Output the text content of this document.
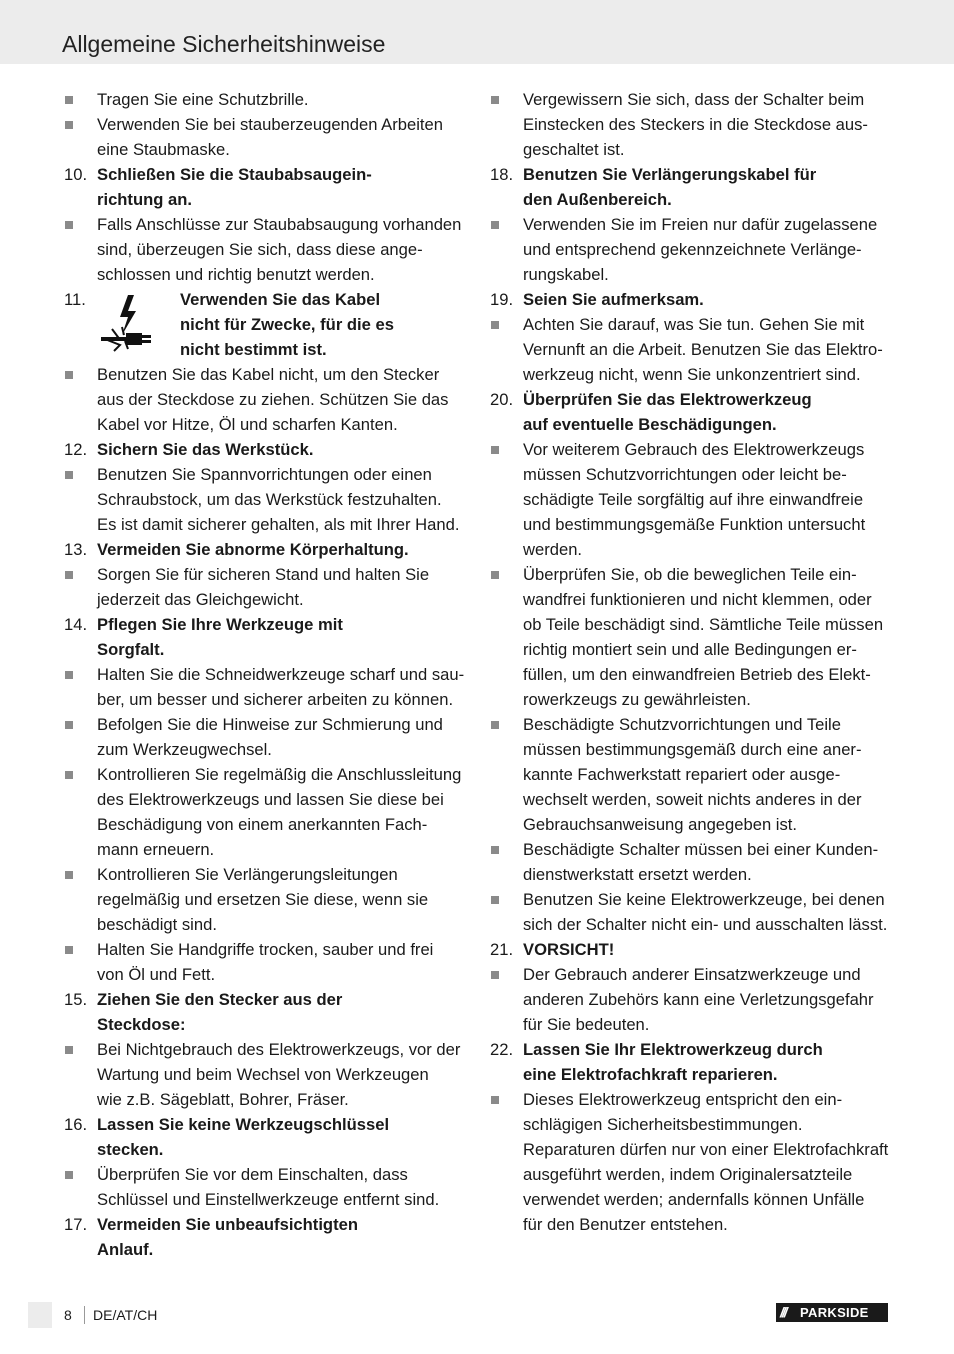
Allgemeine Sicherheitshinweise
Tragen Sie eine Schutzbrille.
Verwenden Sie bei stauberzeugenden Arbeiten
eine Staubmaske.
10. Schließen Sie die Staubabsaugein-
richtung an.
Falls Anschlüsse zur Staubabsaugung vorhanden
sind, überzeugen Sie sich, dass diese ange-
schlossen und richtig benutzt werden.
11.	Verwenden Sie das Kabel
nicht für Zwecke, für die es
nicht bestimmt ist.
Benutzen Sie das Kabel nicht, um den Stecker
aus der Steckdose zu ziehen. Schützen Sie das
Kabel vor Hitze, Öl und scharfen Kanten.
12. Sichern Sie das Werkstück.
Benutzen Sie Spannvorrichtungen oder einen
Schraubstock, um das Werkstück festzuhalten.
Es ist damit sicherer gehalten, als mit Ihrer Hand.
13. Vermeiden Sie abnorme Körperhaltung.
Sorgen Sie für sicheren Stand und halten Sie
jederzeit das Gleichgewicht.
14. Pflegen Sie Ihre Werkzeuge mit
Sorgfalt.
Halten Sie die Schneidwerkzeuge scharf und sau-
ber, um besser und sicherer arbeiten zu können.
Befolgen Sie die Hinweise zur Schmierung und
zum Werkzeugwechsel.
Kontrollieren Sie regelmäßig die Anschlussleitung
des Elektrowerkzeugs und lassen Sie diese bei
Beschädigung von einem anerkannten Fach-
mann erneuern.
Kontrollieren Sie Verlängerungsleitungen
regelmäßig und ersetzen Sie diese, wenn sie
beschädigt sind.
Halten Sie Handgriffe trocken, sauber und frei
von Öl und Fett.
15. Ziehen Sie den Stecker aus der
Steckdose:
Bei Nichtgebrauch des Elektrowerkzeugs, vor der
Wartung und beim Wechsel von Werkzeugen
wie z.B. Sägeblatt, Bohrer, Fräser.
16. Lassen Sie keine Werkzeugschlüssel
stecken.
Überprüfen Sie vor dem Einschalten, dass
Schlüssel und Einstellwerkzeuge entfernt sind.
17. Vermeiden Sie unbeaufsichtigten
Anlauf.
Vergewissern Sie sich, dass der Schalter beim
Einstecken des Steckers in die Steckdose aus-
geschaltet ist.
18. Benutzen Sie Verlängerungskabel für
den Außenbereich.
Verwenden Sie im Freien nur dafür zugelassene
und entsprechend gekennzeichnete Verlänge-
rungskabel.
19. Seien Sie aufmerksam.
Achten Sie darauf, was Sie tun. Gehen Sie mit
Vernunft an die Arbeit. Benutzen Sie das Elektro-
werkzeug nicht, wenn Sie unkonzentriert sind.
20. Überprüfen Sie das Elektrowerkzeug
auf eventuelle Beschädigungen.
Vor weiterem Gebrauch des Elektrowerkzeugs
müssen Schutzvorrichtungen oder leicht be-
schädigte Teile sorgfältig auf ihre einwandfreie
und bestimmungsgemäße Funktion untersucht
werden.
Überprüfen Sie, ob die beweglichen Teile ein-
wandfrei funktionieren und nicht klemmen, oder
ob Teile beschädigt sind. Sämtliche Teile müssen
richtig montiert sein und alle Bedingungen er-
füllen, um den einwandfreien Betrieb des Elekt-
rowerkzeugs zu gewährleisten.
Beschädigte Schutzvorrichtungen und Teile
müssen bestimmungsgemäß durch eine aner-
kannte Fachwerkstatt repariert oder ausge-
wechselt werden, soweit nichts anderes in der
Gebrauchsanweisung angegeben ist.
Beschädigte Schalter müssen bei einer Kunden-
dienstwerkstatt ersetzt werden.
Benutzen Sie keine Elektrowerkzeuge, bei denen
sich der Schalter nicht ein- und ausschalten lässt.
21. VORSICHT!
Der Gebrauch anderer Einsatzwerkzeuge und
anderen Zubehörs kann eine Verletzungsgefahr
für Sie bedeuten.
22. Lassen Sie Ihr Elektrowerkzeug durch
eine Elektrofachkraft reparieren.
Dieses Elektrowerkzeug entspricht den ein-
schlägigen Sicherheitsbestimmungen.
Reparaturen dürfen nur von einer Elektrofachkraft
ausgeführt werden, indem Originalersatzteile
verwendet werden; andernfalls können Unfälle
für den Benutzer entstehen.
8 DE/AT/CH	/// PARKSIDE
